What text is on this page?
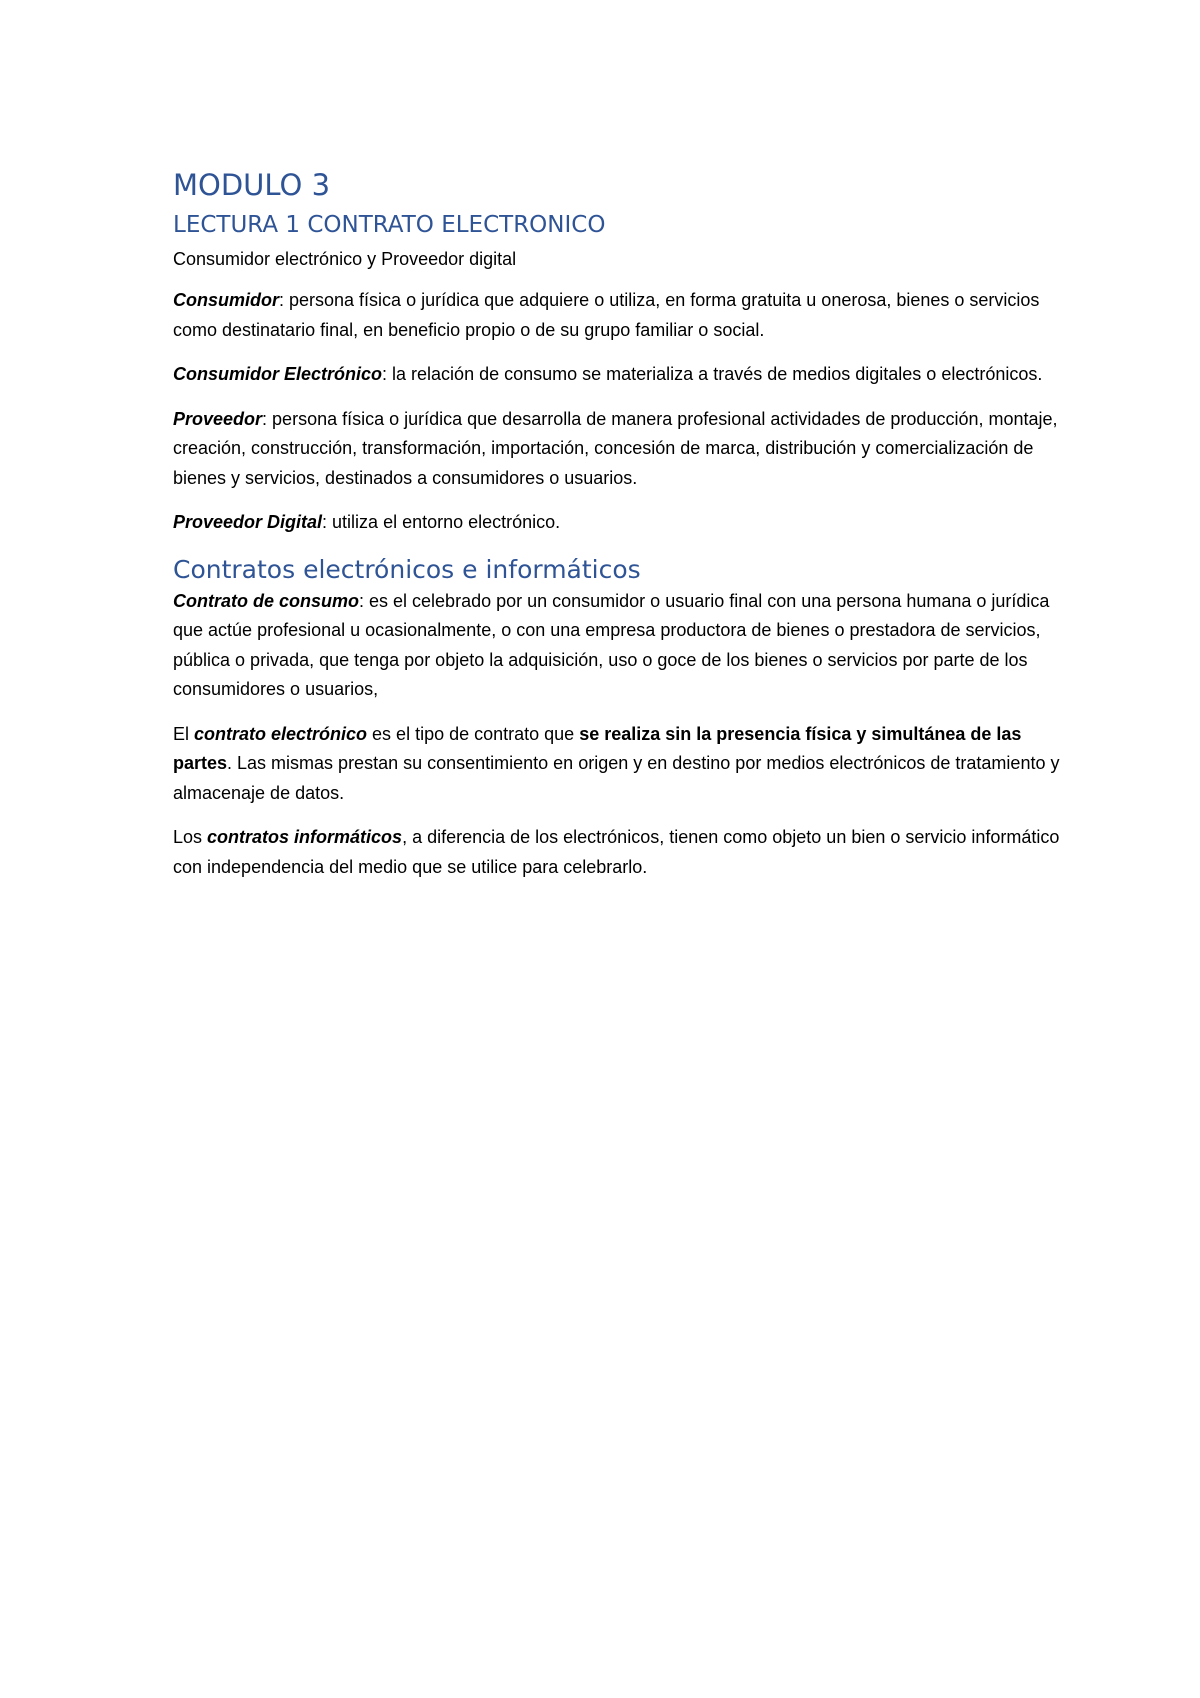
MODULO 3
LECTURA 1 CONTRATO ELECTRONICO
Consumidor electrónico y Proveedor digital

Consumidor: persona física o jurídica que adquiere o utiliza, en forma gratuita u onerosa, bienes o servicios como destinatario final, en beneficio propio o de su grupo familiar o social.

Consumidor Electrónico: la relación de consumo se materializa a través de medios digitales o electrónicos.

Proveedor: persona física o jurídica que desarrolla de manera profesional actividades de producción, montaje, creación, construcción, transformación, importación, concesión de marca, distribución y comercialización de bienes y servicios, destinados a consumidores o usuarios.

Proveedor Digital: utiliza el entorno electrónico.

Contratos electrónicos e informáticos

Contrato de consumo: es el celebrado por un consumidor o usuario final con una persona humana o jurídica que actúe profesional u ocasionalmente, o con una empresa productora de bienes o prestadora de servicios, pública o privada, que tenga por objeto la adquisición, uso o goce de los bienes o servicios por parte de los consumidores o usuarios,

El contrato electrónico es el tipo de contrato que se realiza sin la presencia física y simultánea de las partes. Las mismas prestan su consentimiento en origen y en destino por medios electrónicos de tratamiento y almacenaje de datos.

Los contratos informáticos, a diferencia de los electrónicos, tienen como objeto un bien o servicio informático con independencia del medio que se utilice para celebrarlo.
